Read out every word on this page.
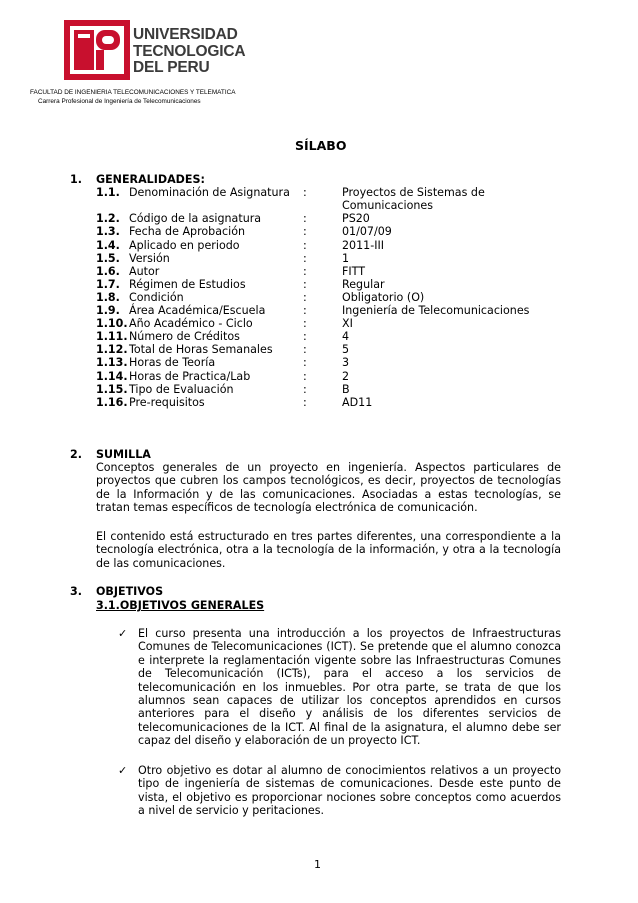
UNIVERSIDAD
TECNOLOGICA
DEL PERU
FACULTAD DE INGENIERIA TELECOMUNICACIONES Y TELEMATICA
Carrera Profesional de Ingeniería de Telecomunicaciones
SÍLABO
1. GENERALIDADES:
1.1. Denominación de Asignatura :	Proyectos de Sistemas de Comunicaciones
1.2. Código de la asignatura	:	PS20
1.3. Fecha de Aprobación	:	01/07/09
1.4. Aplicado en periodo	:	2011-III
1.5. Versión	:	1
1.6. Autor	:	FITT
1.7. Régimen de Estudios	:	Regular
1.8. Condición	:	Obligatorio (O)
1.9. Área Académica/Escuela	:	Ingeniería de Telecomunicaciones
1.10. Año Académico - Ciclo	:	XI
1.11. Número de Créditos	:	4
1.12. Total de Horas Semanales	:	5
1.13. Horas de Teoría	:	3
1.14. Horas de Practica/Lab	:	2
1.15. Tipo de Evaluación	:	B
1.16. Pre-requisitos	:	AD11
2. SUMILLA
Conceptos generales de un proyecto en ingeniería. Aspectos particulares de proyectos que cubren los campos tecnológicos, es decir, proyectos de tecnologías de la Información y de las comunicaciones. Asociadas a estas tecnologías, se tratan temas específicos de tecnología electrónica de comunicación.
El contenido está estructurado en tres partes diferentes, una correspondiente a la tecnología electrónica, otra a la tecnología de la información, y otra a la tecnología de las comunicaciones.
3. OBJETIVOS
3.1.OBJETIVOS GENERALES
✓ El curso presenta una introducción a los proyectos de Infraestructuras Comunes de Telecomunicaciones (ICT). Se pretende que el alumno conozca e interprete la reglamentación vigente sobre las Infraestructuras Comunes de Telecomunicación (ICTs), para el acceso a los servicios de telecomunicación en los inmuebles. Por otra parte, se trata de que los alumnos sean capaces de utilizar los conceptos aprendidos en cursos anteriores para el diseño y análisis de los diferentes servicios de telecomunicaciones de la ICT. Al final de la asignatura, el alumno debe ser capaz del diseño y elaboración de un proyecto ICT.
✓ Otro objetivo es dotar al alumno de conocimientos relativos a un proyecto tipo de ingeniería de sistemas de comunicaciones. Desde este punto de vista, el objetivo es proporcionar nociones sobre conceptos como acuerdos a nivel de servicio y peritaciones.
1
